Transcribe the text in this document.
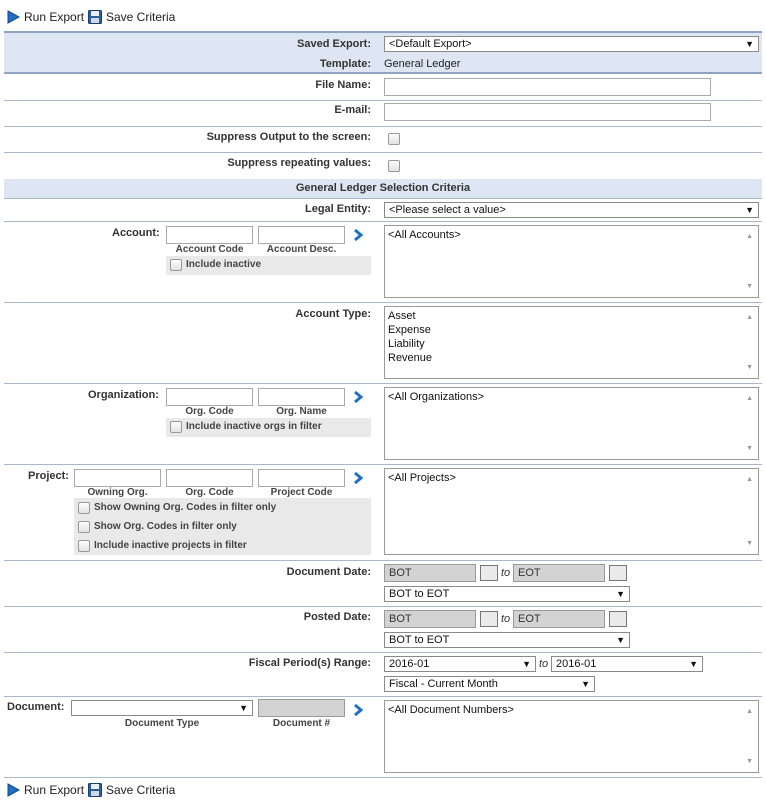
Run Export Save Criteria
Saved Export:	<Default Export>	▼
Template: General Ledger
File Name:
E-mail:
Suppress Output to the screen:
Suppress repeating values:
General Ledger Selection Criteria
Legal Entity:	<Please select a value>	▼
Account:
Account Code	Account Desc.
Include inactive
<All Accounts>	▲
▼
Account Type: Asset
Expense
Liability
Revenue
▲
▼
Organization:
Org. Code	Org. Name
Include inactive orgs in filter
<All Organizations>	▲
▼
Project:
Owning Org.	Org. Code	Project Code
Show Owning Org. Codes in filter only
Show Org. Codes in filter only
Include inactive projects in filter
<All Projects>	▲
▼
Document Date:	BOT	to EOT
BOT to EOT	▼
Posted Date:	BOT	to EOT
BOT to EOT	▼
Fiscal Period(s) Range:	2016-01	▼ to 2016-01	▼
Fiscal - Current Month	▼
Document:	▼
Document Type	Document #
<All Document Numbers>	▲
▼
Run Export Save Criteria
